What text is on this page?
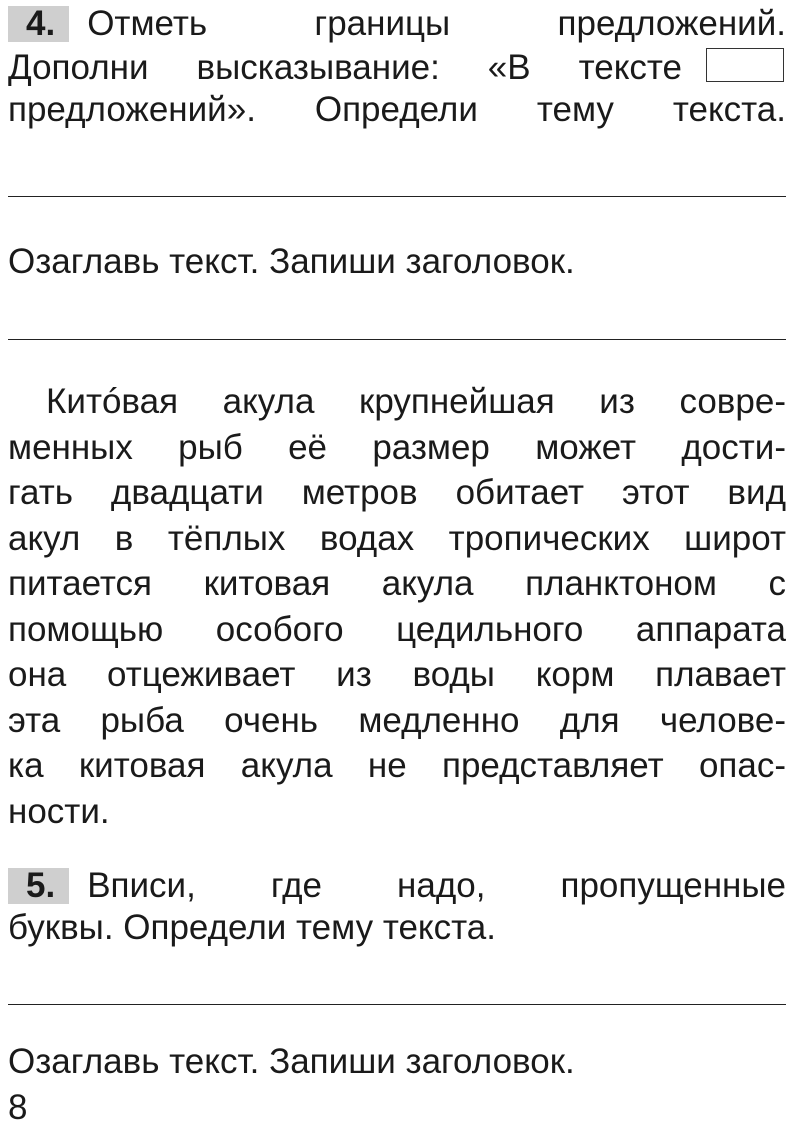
4. Отметь границы предложений.
Дополни высказывание: «В тексте
предложений». Определи тему текста.
Озаглавь текст. Запиши заголовок.
Китóвая акула крупнейшая из совре-
менных рыб её размер может дости-
гать двадцати метров обитает этот вид
акул в тёплых водах тропических широт
питается китовая акула планктоном с
помощью особого цедильного аппарата
она отцеживает из воды корм плавает
эта рыба очень медленно для челове-
ка китовая акула не представляет опас-
ности.
5. Вписи, где надо, пропущенные
буквы. Определи тему текста.
Озаглавь текст. Запиши заголовок.
8
